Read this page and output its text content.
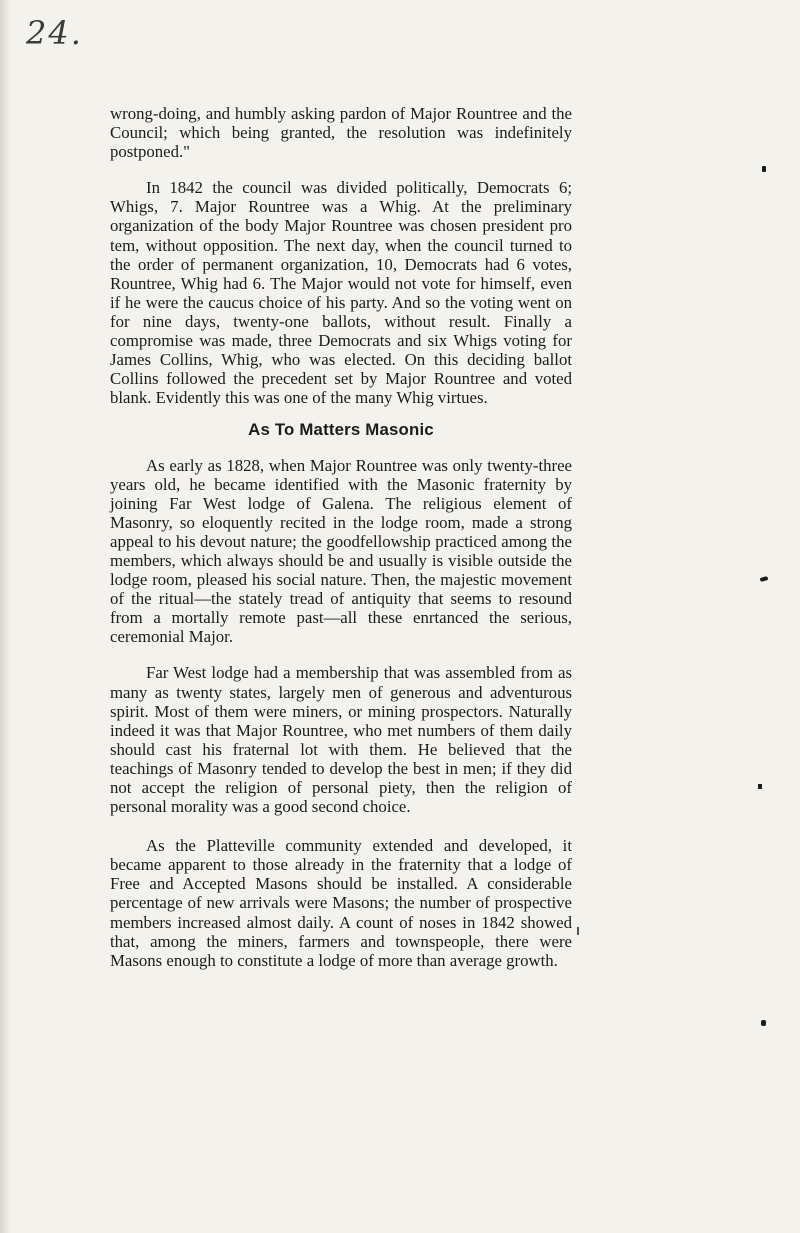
24.

wrong-doing, and humbly asking pardon of Major Rountree and the Council; which being granted, the resolution was indefinitely postponed."

In 1842 the council was divided politically, Democrats 6; Whigs, 7. Major Rountree was a Whig. At the preliminary organization of the body Major Rountree was chosen president pro tem, without opposition. The next day, when the council turned to the order of permanent organization, 10, Democrats had 6 votes, Rountree, Whig had 6. The Major would not vote for himself, even if he were the caucus choice of his party. And so the voting went on for nine days, twenty-one ballots, without result. Finally a compromise was made, three Democrats and six Whigs voting for James Collins, Whig, who was elected. On this deciding ballot Collins followed the precedent set by Major Rountree and voted blank. Evidently this was one of the many Whig virtues.

As To Matters Masonic

As early as 1828, when Major Rountree was only twenty-three years old, he became identified with the Masonic fraternity by joining Far West lodge of Galena. The religious element of Masonry, so eloquently recited in the lodge room, made a strong appeal to his devout nature; the goodfellowship practiced among the members, which always should be and usually is visible outside the lodge room, pleased his social nature. Then, the majestic movement of the ritual—the stately tread of antiquity that seems to resound from a mortally remote past—all these enrtanced the serious, ceremonial Major.

Far West lodge had a membership that was assembled from as many as twenty states, largely men of generous and adventurous spirit. Most of them were miners, or mining prospectors. Naturally indeed it was that Major Rountree, who met numbers of them daily should cast his fraternal lot with them. He believed that the teachings of Masonry tended to develop the best in men; if they did not accept the religion of personal piety, then the religion of personal morality was a good second choice.

As the Platteville community extended and developed, it became apparent to those already in the fraternity that a lodge of Free and Accepted Masons should be installed. A considerable percentage of new arrivals were Masons; the number of prospective members increased almost daily. A count of noses in 1842 showed that, among the miners, farmers and townspeople, there were Masons enough to constitute a lodge of more than average growth.
